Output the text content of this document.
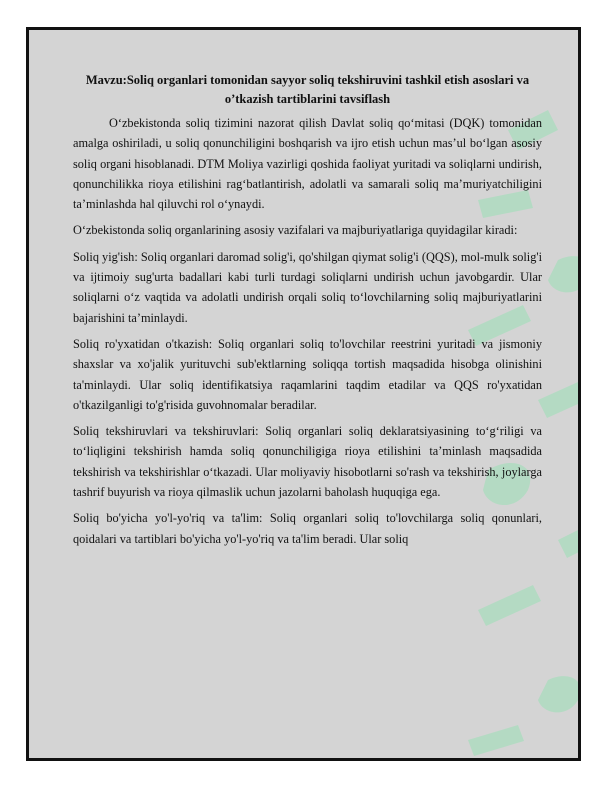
Mavzu:Soliq organlari tomonidan sayyor soliq tekshiruvini tashkil etish asoslari va o’tkazish tartiblarini tavsiflash

O‘zbekistonda soliq tizimini nazorat qilish Davlat soliq qo‘mitasi (DQK) tomonidan amalga oshiriladi, u soliq qonunchiligini boshqarish va ijro etish uchun mas’ul bo‘lgan asosiy soliq organi hisoblanadi. DTM Moliya vazirligi qoshida faoliyat yuritadi va soliqlarni undirish, qonunchilikka rioya etilishini rag‘batlantirish, adolatli va samarali soliq ma’muriyatchiligini ta’minlashda hal qiluvchi rol o‘ynaydi.

O‘zbekistonda soliq organlarining asosiy vazifalari va majburiyatlariga quyidagilar kiradi:

Soliq yig'ish: Soliq organlari daromad solig'i, qo'shilgan qiymat solig'i (QQS), mol-mulk solig'i va ijtimoiy sug'urta badallari kabi turli turdagi soliqlarni undirish uchun javobgardir. Ular soliqlarni o‘z vaqtida va adolatli undirish orqali soliq to‘lovchilarning soliq majburiyatlarini bajarishini ta’minlaydi.

Soliq ro'yxatidan o'tkazish: Soliq organlari soliq to'lovchilar reestrini yuritadi va jismoniy shaxslar va xo'jalik yurituvchi sub'ektlarning soliqqa tortish maqsadida hisobga olinishini ta'minlaydi. Ular soliq identifikatsiya raqamlarini taqdim etadilar va QQS ro'yxatidan o'tkazilganligi to'g'risida guvohnomalar beradilar.

Soliq tekshiruvlari va tekshiruvlari: Soliq organlari soliq deklaratsiyasining to‘g‘riligi va to‘liqligini tekshirish hamda soliq qonunchiligiga rioya etilishini ta’minlash maqsadida tekshirish va tekshirishlar o‘tkazadi. Ular moliyaviy hisobotlarni so'rash va tekshirish, joylarga tashrif buyurish va rioya qilmaslik uchun jazolarni baholash huquqiga ega.

Soliq bo'yicha yo'l-yo'riq va ta'lim: Soliq organlari soliq to'lovchilarga soliq qonunlari, qoidalari va tartiblari bo'yicha yo'l-yo'riq va ta'lim beradi. Ular soliq
